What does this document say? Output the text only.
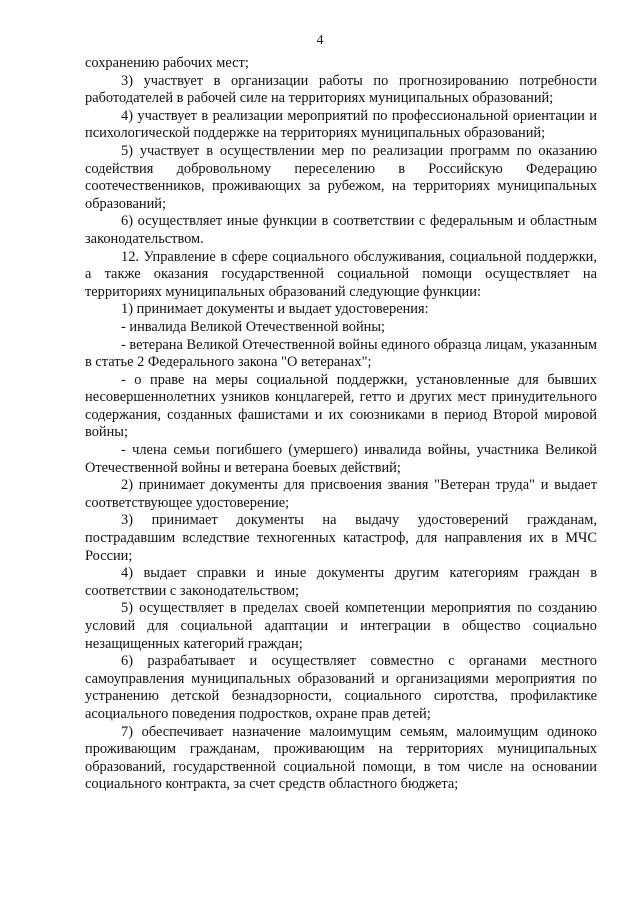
4

сохранению рабочих мест;

3) участвует в организации работы по прогнозированию потребности работодателей в рабочей силе на территориях муниципальных образований;

4) участвует в реализации мероприятий по профессиональной ориентации и психологической поддержке на территориях муниципальных образований;

5) участвует в осуществлении мер по реализации программ по оказанию содействия добровольному переселению в Российскую Федерацию соотечественников, проживающих за рубежом, на территориях муниципальных образований;

6) осуществляет иные функции в соответствии с федеральным и областным законодательством.

12. Управление в сфере социального обслуживания, социальной поддержки, а также оказания государственной социальной помощи осуществляет на территориях муниципальных образований следующие функции:

1) принимает документы и выдает удостоверения:

- инвалида Великой Отечественной войны;

- ветерана Великой Отечественной войны единого образца лицам, указанным в статье 2 Федерального закона "О ветеранах";

- о праве на меры социальной поддержки, установленные для бывших несовершеннолетних узников концлагерей, гетто и других мест принудительного содержания, созданных фашистами и их союзниками в период Второй мировой войны;

- члена семьи погибшего (умершего) инвалида войны, участника Великой Отечественной войны и ветерана боевых действий;

2) принимает документы для присвоения звания "Ветеран труда" и выдает соответствующее удостоверение;

3) принимает документы на выдачу удостоверений гражданам, пострадавшим вследствие техногенных катастроф, для направления их в МЧС России;

4) выдает справки и иные документы другим категориям граждан в соответствии с законодательством;

5) осуществляет в пределах своей компетенции мероприятия по созданию условий для социальной адаптации и интеграции в общество социально незащищенных категорий граждан;

6) разрабатывает и осуществляет совместно с органами местного самоуправления муниципальных образований и организациями мероприятия по устранению детской безнадзорности, социального сиротства, профилактике асоциального поведения подростков, охране прав детей;

7) обеспечивает назначение малоимущим семьям, малоимущим одиноко проживающим гражданам, проживающим на территориях муниципальных образований, государственной социальной помощи, в том числе на основании социального контракта, за счет средств областного бюджета;
